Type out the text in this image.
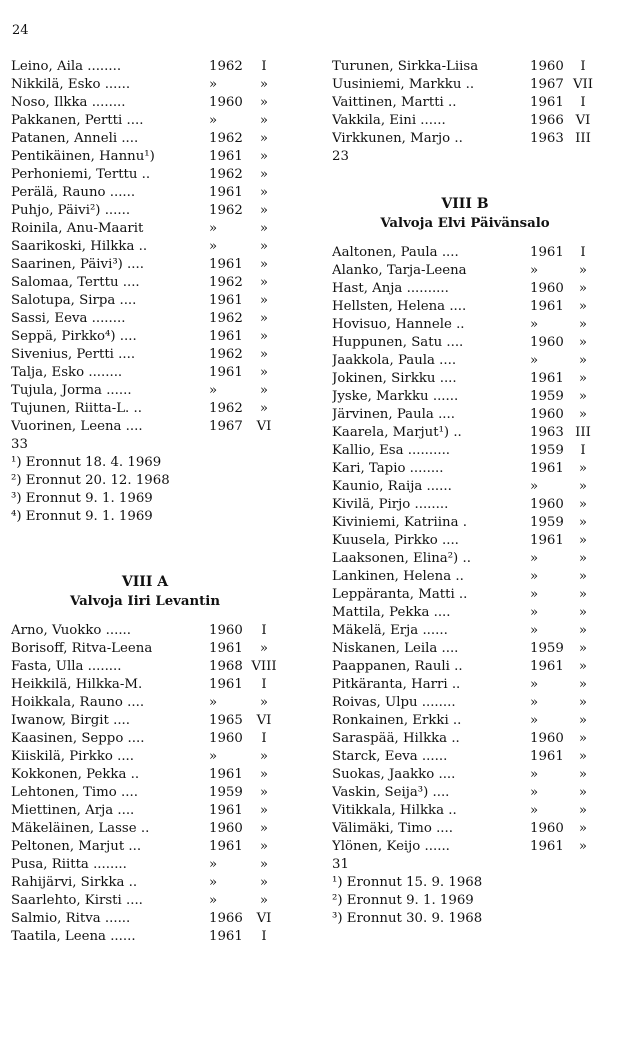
24
Leino, Aila ........	1962	I
Nikkilä, Esko ......	»	»
Noso, Ilkka ........	1960	»
Pakkanen, Pertti ....	»	»
Patanen, Anneli ....	1962	»
Pentikäinen, Hannu¹)	1961	»
Perhoniemi, Terttu ..	1962	»
Perälä, Rauno ......	1961	»
Puhjo, Päivi²) ......	1962	»
Roinila, Anu-Maarit	»	»
Saarikoski, Hilkka ..	»	»
Saarinen, Päivi³) ....	1961	»
Salomaa, Terttu ....	1962	»
Salotupa, Sirpa ....	1961	»
Sassi, Eeva ........	1962	»
Seppä, Pirkko⁴) ....	1961	»
Sivenius, Pertti ....	1962	»
Talja, Esko ........	1961	»
Tujula, Jorma ......	»	»
Tujunen, Riitta-L. ..	1962	»
Vuorinen, Leena ....	1967	VI
33
¹) Eronnut 18. 4. 1969
²) Eronnut 20. 12. 1968
³) Eronnut 9. 1. 1969
⁴) Eronnut 9. 1. 1969
VIII A
Valvoja Iiri Levantin
Arno, Vuokko ......	1960	I
Borisoff, Ritva-Leena	1961	»
Fasta, Ulla ........	1968 VIII
Heikkilä, Hilkka-M.	1961	I
Hoikkala, Rauno ....	»	»
Iwanow, Birgit ....	1965	VI
Kaasinen, Seppo ....	1960	I
Kiiskilä, Pirkko ....	»	»
Kokkonen, Pekka ..	1961	»
Lehtonen, Timo ....	1959	»
Miettinen, Arja ....	1961	»
Mäkeläinen, Lasse ..	1960	»
Peltonen, Marjut ...	1961	»
Pusa, Riitta ........	»	»
Rahijärvi, Sirkka ..	»	»
Saarlehto, Kirsti ....	»	»
Salmio, Ritva ......	1966	VI
Taatila, Leena ......	1961	I
Turunen, Sirkka-Liisa	1960	I
Uusiniemi, Markku ..	1967 VII
Vaittinen, Martti ..	1961	I
Vakkila, Eini ......	1966 VI
Virkkunen, Marjo ..	1963 III
23
VIII B
Valvoja Elvi Päivänsalo
Aaltonen, Paula ....	1961	I
Alanko, Tarja-Leena	»	»
Hast, Anja ..........	1960	»
Hellsten, Helena ....	1961	»
Hovisuo, Hannele ..	»	»
Huppunen, Satu ....	1960	»
Jaakkola, Paula ....	»	»
Jokinen, Sirkku ....	1961	»
Jyske, Markku ......	1959	»
Järvinen, Paula ....	1960	»
Kaarela, Marjut¹) ..	1963 III
Kallio, Esa ..........	1959	I
Kari, Tapio ........	1961	»
Kaunio, Raija ......	»	»
Kivilä, Pirjo ........	1960	»
Kiviniemi, Katriina .	1959	»
Kuusela, Pirkko ....	1961	»
Laaksonen, Elina²) ..	»	»
Lankinen, Helena ..	»	»
Leppäranta, Matti ..	»	»
Mattila, Pekka ....	»	»
Mäkelä, Erja ......	»	»
Niskanen, Leila ....	1959	»
Paappanen, Rauli ..	1961	»
Pitkäranta, Harri ..	»	»
Roivas, Ulpu ........	»	»
Ronkainen, Erkki ..	»	»
Saraspää, Hilkka ..	1960	»
Starck, Eeva ......	1961	»
Suokas, Jaakko ....	»	»
Vaskin, Seija³) ....	»	»
Vitikkala, Hilkka ..	»	»
Välimäki, Timo ....	1960	»
Ylönen, Keijo ......	1961	»
31
¹) Eronnut 15. 9. 1968
²) Eronnut 9. 1. 1969
³) Eronnut 30. 9. 1968
